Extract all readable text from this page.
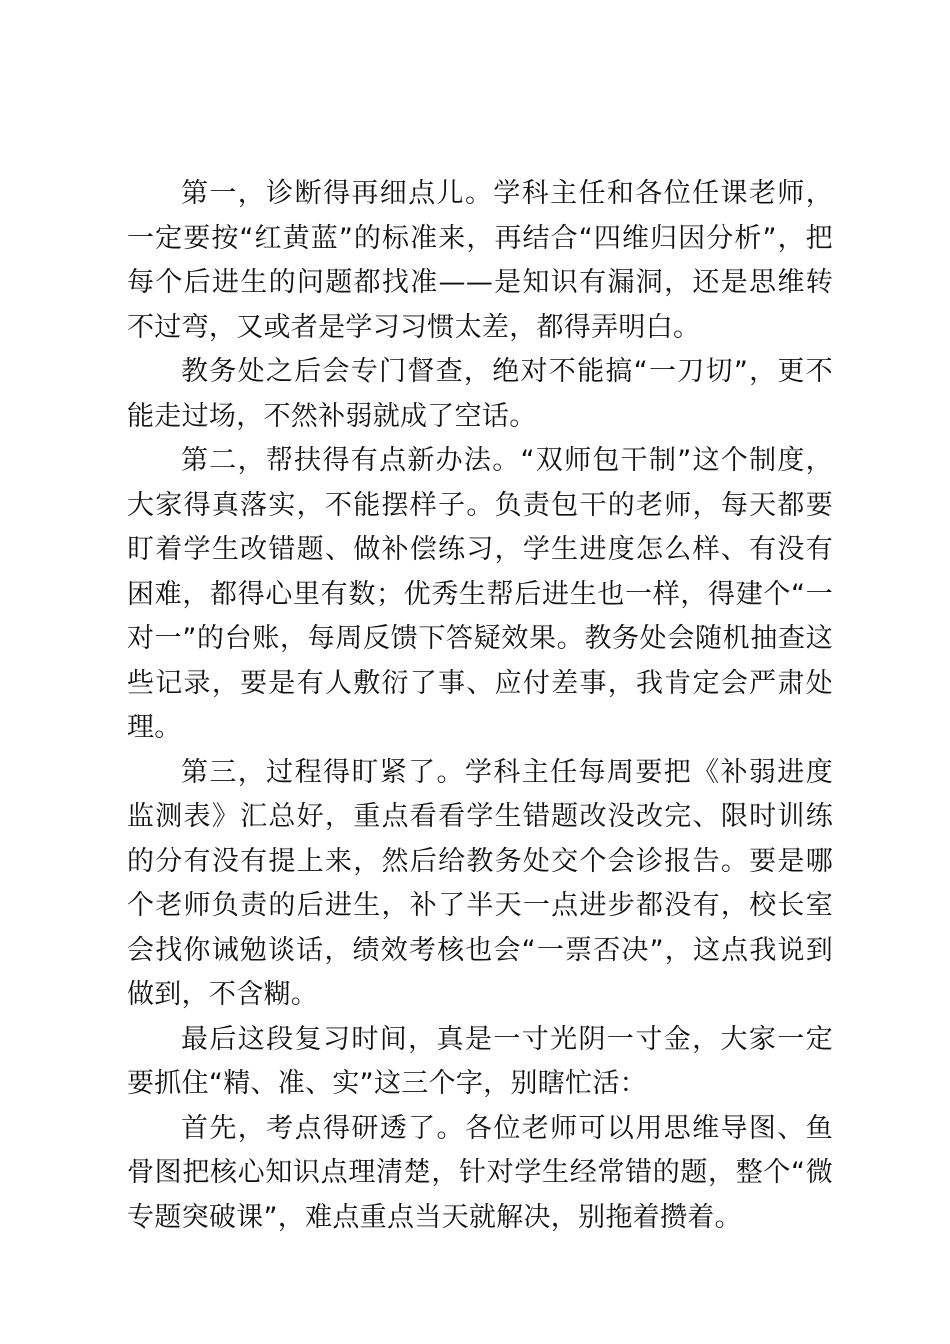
第一，诊断得再细点儿。学科主任和各位任课老师，一定要按“红黄蓝”的标准来，再结合“四维归因分析”，把每个后进生的问题都找准——是知识有漏洞，还是思维转不过弯，又或者是学习习惯太差，都得弄明白。

教务处之后会专门督查，绝对不能搞“一刀切”，更不能走过场，不然补弱就成了空话。

第二，帮扶得有点新办法。“双师包干制”这个制度，大家得真落实，不能摆样子。负责包干的老师，每天都要盯着学生改错题、做补偿练习，学生进度怎么样、有没有困难，都得心里有数；优秀生帮后进生也一样，得建个“一对一”的台账，每周反馈下答疑效果。教务处会随机抽查这些记录，要是有人敷衍了事、应付差事，我肯定会严肃处理。

第三，过程得盯紧了。学科主任每周要把《补弱进度监测表》汇总好，重点看看学生错题改没改完、限时训练的分有没有提上来，然后给教务处交个会诊报告。要是哪个老师负责的后进生，补了半天一点进步都没有，校长室会找你诫勉谈话，绩效考核也会“一票否决”，这点我说到做到，不含糊。

最后这段复习时间，真是一寸光阴一寸金，大家一定要抓住“精、准、实”这三个字，别瞎忙活：

首先，考点得研透了。各位老师可以用思维导图、鱼骨图把核心知识点理清楚，针对学生经常错的题，整个“微专题突破课”，难点重点当天就解决，别拖着攒着。
